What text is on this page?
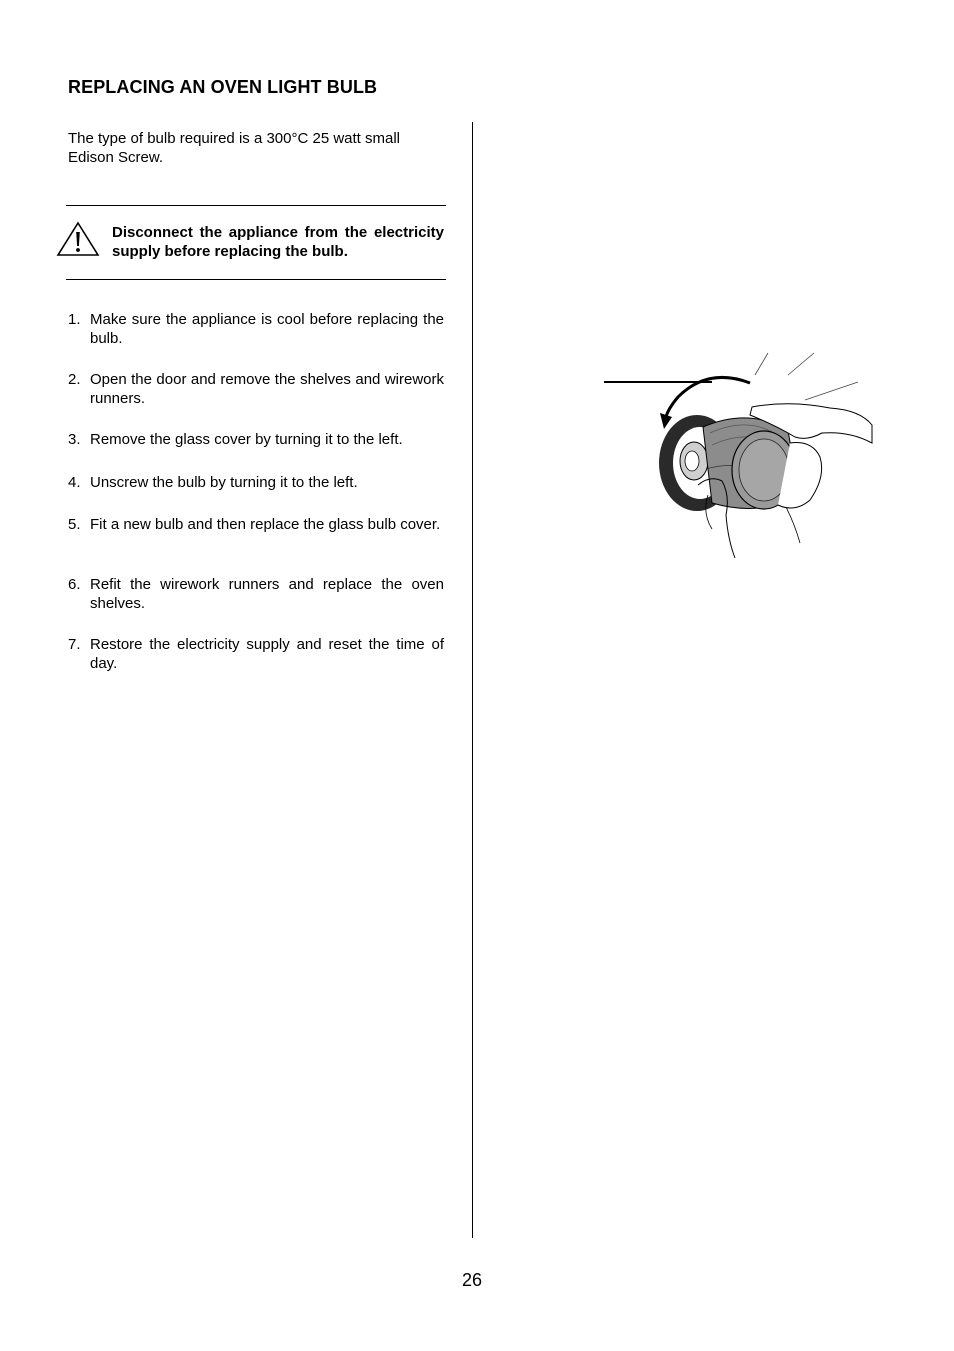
REPLACING AN OVEN LIGHT BULB
The type of bulb required is a 300°C 25 watt small Edison Screw.
Disconnect the appliance from the electricity supply before replacing the bulb.
1. Make sure the appliance is cool before replacing the bulb.
2. Open the door and remove the shelves and wirework runners.
3. Remove the glass cover by turning it to the left.
4. Unscrew the bulb by turning it to the left.
5. Fit a new bulb and then replace the glass bulb cover.
6. Refit the wirework runners and replace the oven shelves.
7. Restore the electricity supply and reset the time of day.
26
